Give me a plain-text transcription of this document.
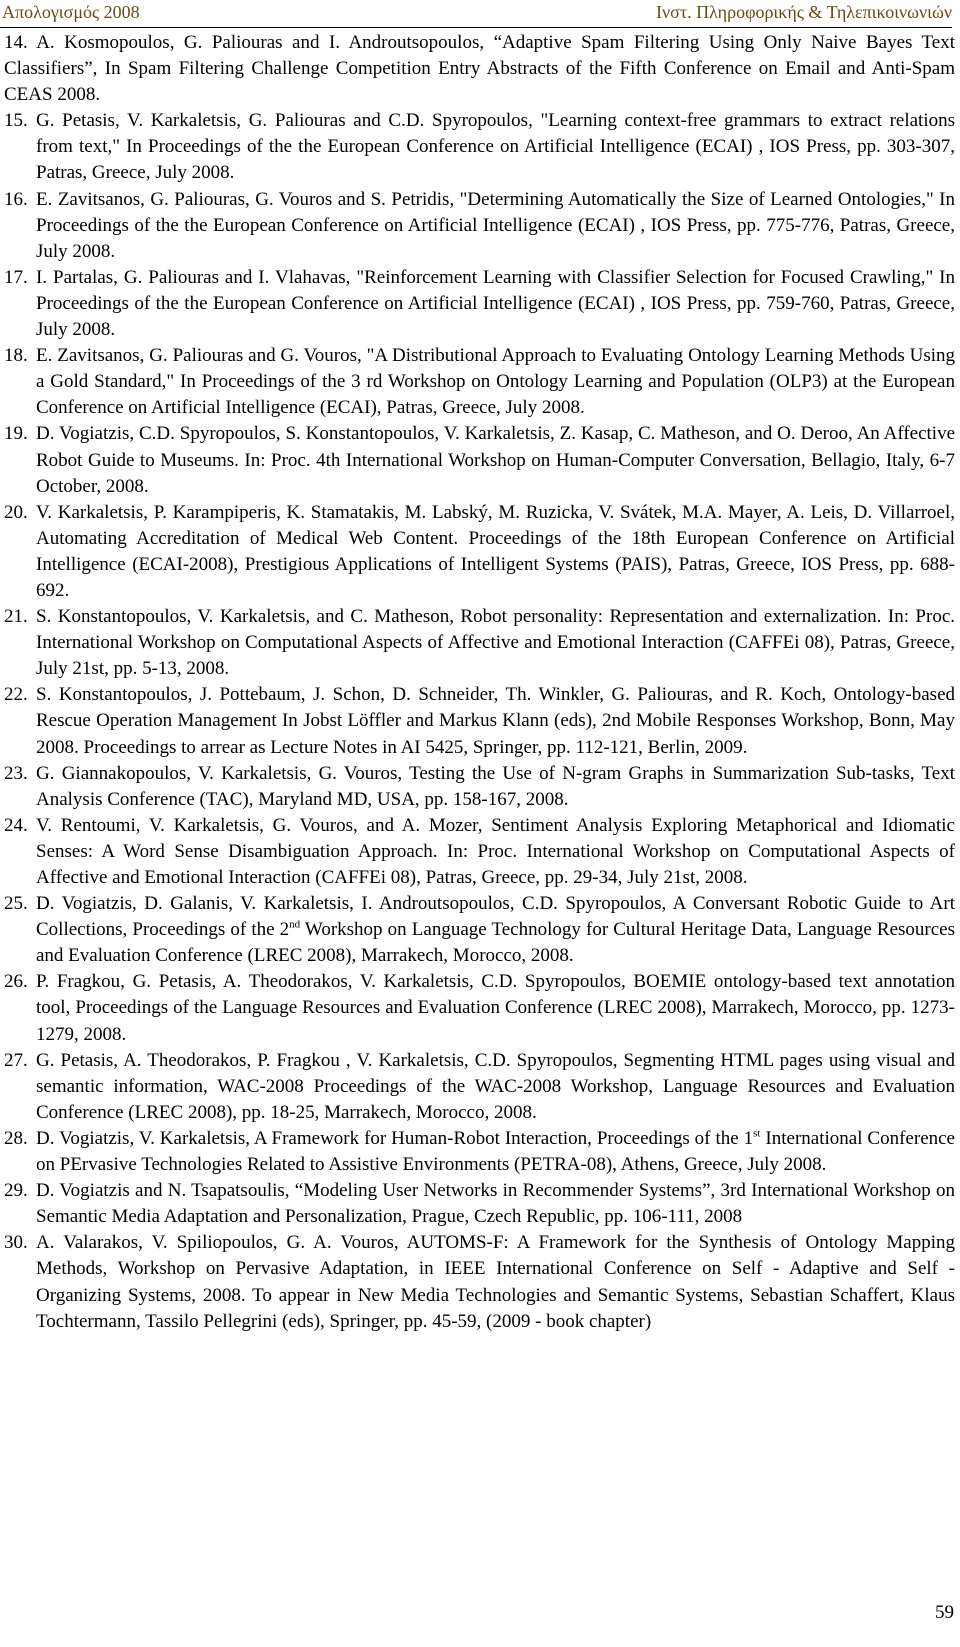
Απολογισμός 2008	Ινστ. Πληροφορικής & Τηλεπικοινωνιών
14. A. Kosmopoulos, G. Paliouras and I. Androutsopoulos, “Adaptive Spam Filtering Using Only Naive Bayes Text Classifiers”, In Spam Filtering Challenge Competition Entry Abstracts of the Fifth Conference on Email and Anti-Spam CEAS 2008.
15. G. Petasis, V. Karkaletsis, G. Paliouras and C.D. Spyropoulos, "Learning context-free grammars to extract relations from text," In Proceedings of the the European Conference on Artificial Intelligence (ECAI) , IOS Press, pp. 303-307, Patras, Greece, July 2008.
16. E. Zavitsanos, G. Paliouras, G. Vouros and S. Petridis, "Determining Automatically the Size of Learned Ontologies," In Proceedings of the the European Conference on Artificial Intelligence (ECAI) , IOS Press, pp. 775-776, Patras, Greece, July 2008.
17. I. Partalas, G. Paliouras and I. Vlahavas, "Reinforcement Learning with Classifier Selection for Focused Crawling," In Proceedings of the the European Conference on Artificial Intelligence (ECAI) , IOS Press, pp. 759-760, Patras, Greece, July 2008.
18. E. Zavitsanos, G. Paliouras and G. Vouros, "A Distributional Approach to Evaluating Ontology Learning Methods Using a Gold Standard," In Proceedings of the 3 rd Workshop on Ontology Learning and Population (OLP3) at the European Conference on Artificial Intelligence (ECAI), Patras, Greece, July 2008.
19. D. Vogiatzis, C.D. Spyropoulos, S. Konstantopoulos, V. Karkaletsis, Z. Kasap, C. Matheson, and O. Deroo, An Affective Robot Guide to Museums. In: Proc. 4th International Workshop on Human-Computer Conversation, Bellagio, Italy, 6-7 October, 2008.
20. V. Karkaletsis, P. Karampiperis, K. Stamatakis, M. Labský, M. Ruzicka, V. Svátek, M.A. Mayer, A. Leis, D. Villarroel, Automating Accreditation of Medical Web Content. Proceedings of the 18th European Conference on Artificial Intelligence (ECAI-2008), Prestigious Applications of Intelligent Systems (PAIS), Patras, Greece, IOS Press, pp. 688-692.
21. S. Konstantopoulos, V. Karkaletsis, and C. Matheson, Robot personality: Representation and externalization. In: Proc. International Workshop on Computational Aspects of Affective and Emotional Interaction (CAFFEi 08), Patras, Greece, July 21st, pp. 5-13, 2008.
22. S. Konstantopoulos, J. Pottebaum, J. Schon, D. Schneider, Th. Winkler, G. Paliouras, and R. Koch, Ontology-based Rescue Operation Management In Jobst Löffler and Markus Klann (eds), 2nd Mobile Responses Workshop, Bonn, May 2008. Proceedings to arrear as Lecture Notes in AI 5425, Springer, pp. 112-121, Berlin, 2009.
23. G. Giannakopoulos, V. Karkaletsis, G. Vouros, Testing the Use of N-gram Graphs in Summarization Sub-tasks, Text Analysis Conference (TAC), Maryland MD, USA, pp. 158-167, 2008.
24. V. Rentoumi, V. Karkaletsis, G. Vouros, and A. Mozer, Sentiment Analysis Exploring Metaphorical and Idiomatic Senses: A Word Sense Disambiguation Approach. In: Proc. International Workshop on Computational Aspects of Affective and Emotional Interaction (CAFFEi 08), Patras, Greece, pp. 29-34, July 21st, 2008.
25. D. Vogiatzis, D. Galanis, V. Karkaletsis, I. Androutsopoulos, C.D. Spyropoulos, A Conversant Robotic Guide to Art Collections, Proceedings of the 2nd Workshop on Language Technology for Cultural Heritage Data, Language Resources and Evaluation Conference (LREC 2008), Marrakech, Morocco, 2008.
26. P. Fragkou, G. Petasis, A. Theodorakos, V. Karkaletsis, C.D. Spyropoulos, BOEMIE ontology-based text annotation tool, Proceedings of the Language Resources and Evaluation Conference (LREC 2008), Marrakech, Morocco, pp. 1273-1279, 2008.
27. G. Petasis, A. Theodorakos, P. Fragkou , V. Karkaletsis, C.D. Spyropoulos, Segmenting HTML pages using visual and semantic information, WAC-2008 Proceedings of the WAC-2008 Workshop, Language Resources and Evaluation Conference (LREC 2008), pp. 18-25, Marrakech, Morocco, 2008.
28. D. Vogiatzis, V. Karkaletsis, A Framework for Human-Robot Interaction, Proceedings of the 1st International Conference on PErvasive Technologies Related to Assistive Environments (PETRA-08), Athens, Greece, July 2008.
29. D. Vogiatzis and N. Tsapatsoulis, “Modeling User Networks in Recommender Systems”, 3rd International Workshop on Semantic Media Adaptation and Personalization, Prague, Czech Republic, pp. 106-111, 2008
30. A. Valarakos, V. Spiliopoulos, G. A. Vouros, AUTOMS-F: A Framework for the Synthesis of Ontology Mapping Methods, Workshop on Pervasive Adaptation, in IEEE International Conference on Self - Adaptive and Self - Organizing Systems, 2008. To appear in New Media Technologies and Semantic Systems, Sebastian Schaffert, Klaus Tochtermann, Tassilo Pellegrini (eds), Springer, pp. 45-59, (2009 - book chapter)
59
